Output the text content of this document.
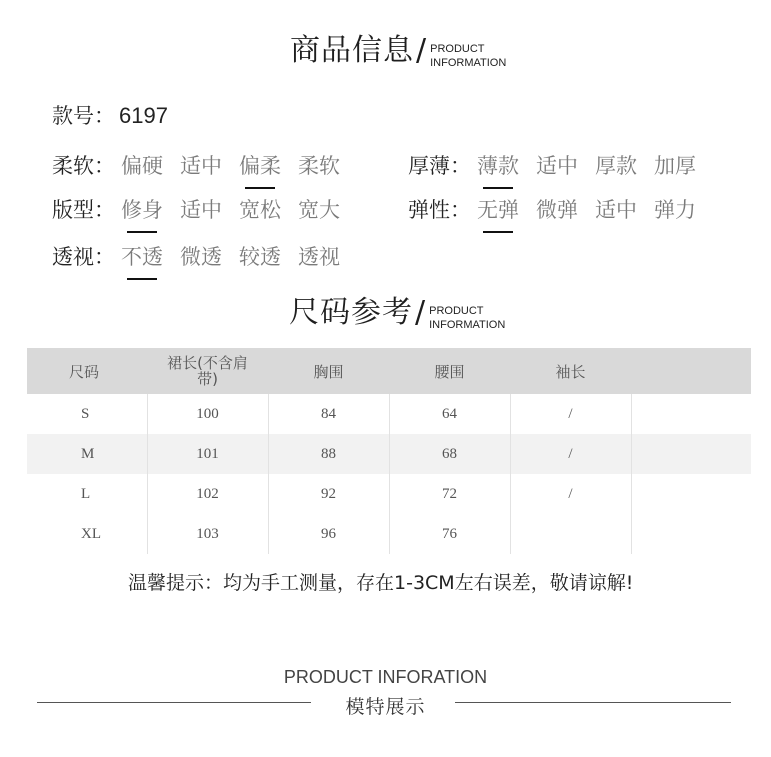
商品信息 / PRODUCT
INFORMATION
款号： 6197
柔软： 偏硬 适中 偏柔 柔软
版型： 修身 适中 宽松 宽大
透视： 不透 微透 较透 透视
厚薄： 薄款 适中 厚款 加厚
弹性： 无弹 微弹 适中 弹力
尺码参考 / PRODUCT
INFORMATION
尺码	裙长(不含肩带)	胸围	腰围	袖长	
S	100	84	64	/	
M	101	88	68	/	
L	102	92	72	/	
XL	103	96	76		
温馨提示：均为手工测量，存在1-3CM左右误差，敬请谅解!
PRODUCT INFORATION
模特展示
